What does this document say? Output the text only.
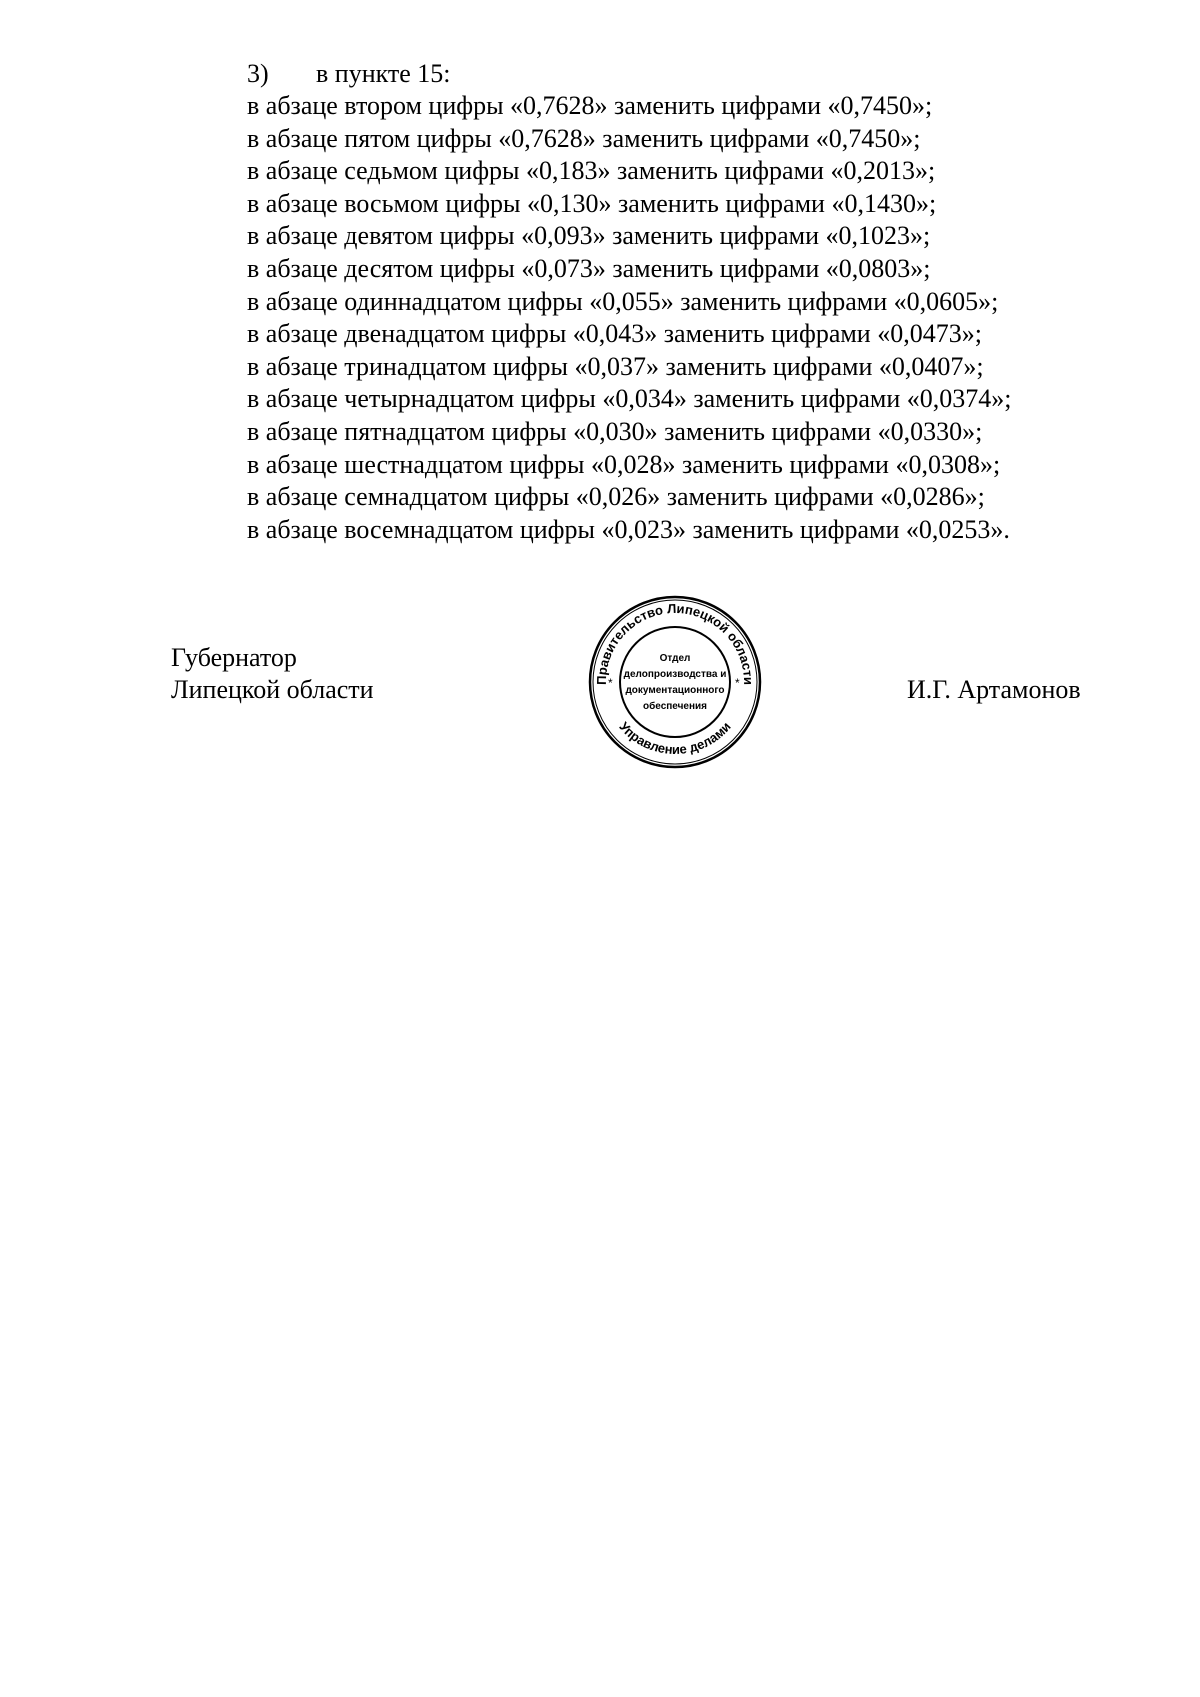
3) в пункте 15:
в абзаце втором цифры «0,7628» заменить цифрами «0,7450»;
в абзаце пятом цифры «0,7628» заменить цифрами «0,7450»;
в абзаце седьмом цифры «0,183» заменить цифрами «0,2013»;
в абзаце восьмом цифры «0,130» заменить цифрами «0,1430»;
в абзаце девятом цифры «0,093» заменить цифрами «0,1023»;
в абзаце десятом цифры «0,073» заменить цифрами «0,0803»;
в абзаце одиннадцатом цифры «0,055» заменить цифрами «0,0605»;
в абзаце двенадцатом цифры «0,043» заменить цифрами «0,0473»;
в абзаце тринадцатом цифры «0,037» заменить цифрами «0,0407»;
в абзаце четырнадцатом цифры «0,034» заменить цифрами «0,0374»;
в абзаце пятнадцатом цифры «0,030» заменить цифрами «0,0330»;
в абзаце шестнадцатом цифры «0,028» заменить цифрами «0,0308»;
в абзаце семнадцатом цифры «0,026» заменить цифрами «0,0286»;
в абзаце восемнадцатом цифры «0,023» заменить цифрами «0,0253».
Губернатор
Липецкой области	Правительство Липецкой области
Управление делами
*	*
Отдел
делопроизводства и
документационного
обеспечения
И.Г. Артамонов
